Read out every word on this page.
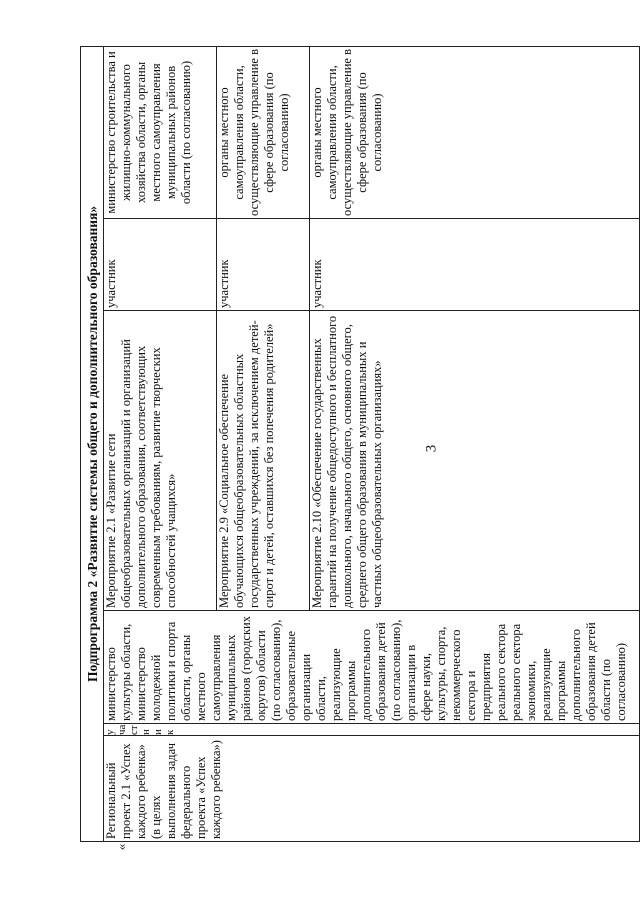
3
Подпрограмма 2 «Развитие системы общего и дополнительного образования»					
Региональный проект 2.1 «Успех каждого ребенка» (в целях выполнения задач федерального проекта «Успех каждого ребенка»)	участник	министерство культуры области, министерство молодежной политики и спорта области, органы местного самоуправления муниципальных районов (городских округов) области (по согласованию), образовательные организации области, реализующие программы дополнительного образования детей (по согласованию), организации в сфере науки, культуры, спорта, некоммерческого сектора и предприятия реального сектора реального сектора экономики, реализующие программы дополнительного образования детей области (по согласованию)	Мероприятие 2.1 «Развитие сети общеобразовательных организаций и организаций дополнительного образования, соответствующих современным требованиям, развитие творческих способностей учащихся»	участник	министерство строительства и жилищно-коммунального хозяйства области, органы местного самоуправления муниципальных районов области (по согласованию)
			Мероприятие 2.9 «Социальное обеспечение обучающихся общеобразовательных областных государственных учреждений, за исключением детей-сирот и детей, оставшихся без попечения родителей»	участник	органы местного самоуправления области, осуществляющие управление в сфере образования (по согласованию)
			Мероприятие 2.10 «Обеспечение государственных гарантий на получение общедоступного и бесплатного дошкольного, начального общего, основного общего, среднего общего образования в муниципальных и частных общеобразовательных организациях»	участник	органы местного самоуправления области, осуществляющие управление в сфере образования (по согласованию)
«
